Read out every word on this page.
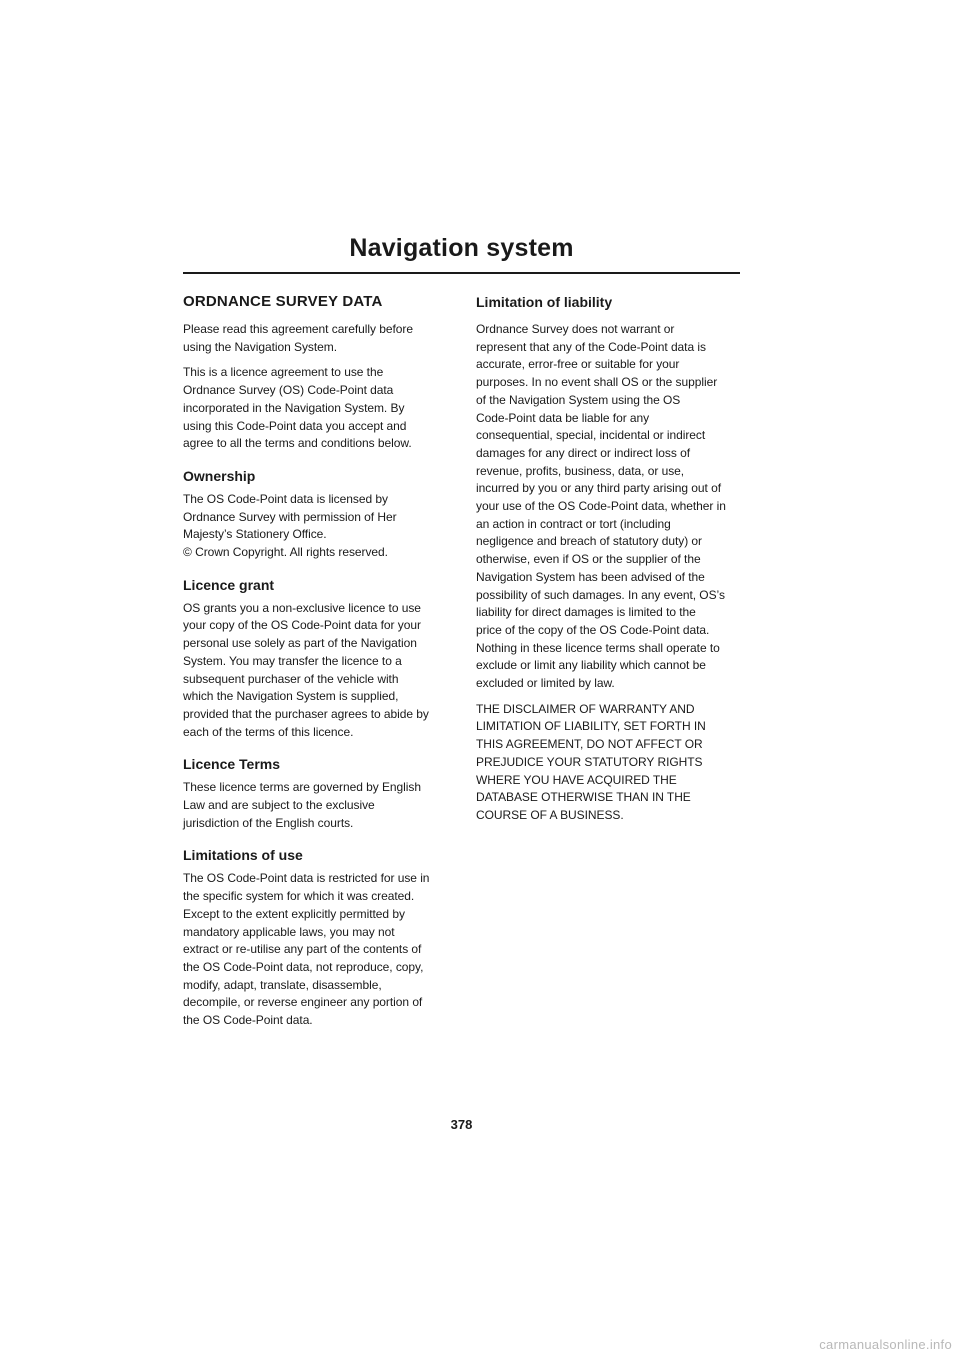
Navigation system
ORDNANCE SURVEY DATA

Please read this agreement carefully before
using the Navigation System.

This is a licence agreement to use the
Ordnance Survey (OS) Code-Point data
incorporated in the Navigation System. By
using this Code-Point data you accept and
agree to all the terms and conditions below.

Ownership

The OS Code-Point data is licensed by
Ordnance Survey with permission of Her
Majesty’s Stationery Office.
© Crown Copyright. All rights reserved.

Licence grant

OS grants you a non-exclusive licence to use
your copy of the OS Code-Point data for your
personal use solely as part of the Navigation
System. You may transfer the licence to a
subsequent purchaser of the vehicle with
which the Navigation System is supplied,
provided that the purchaser agrees to abide by
each of the terms of this licence.

Licence Terms

These licence terms are governed by English
Law and are subject to the exclusive
jurisdiction of the English courts.

Limitations of use

The OS Code-Point data is restricted for use in
the specific system for which it was created.
Except to the extent explicitly permitted by
mandatory applicable laws, you may not
extract or re-utilise any part of the contents of
the OS Code-Point data, not reproduce, copy,
modify, adapt, translate, disassemble,
decompile, or reverse engineer any portion of
the OS Code-Point data.

Limitation of liability

Ordnance Survey does not warrant or
represent that any of the Code-Point data is
accurate, error-free or suitable for your
purposes. In no event shall OS or the supplier
of the Navigation System using the OS
Code-Point data be liable for any
consequential, special, incidental or indirect
damages for any direct or indirect loss of
revenue, profits, business, data, or use,
incurred by you or any third party arising out of
your use of the OS Code-Point data, whether in
an action in contract or tort (including
negligence and breach of statutory duty) or
otherwise, even if OS or the supplier of the
Navigation System has been advised of the
possibility of such damages. In any event, OS’s
liability for direct damages is limited to the
price of the copy of the OS Code-Point data.
Nothing in these licence terms shall operate to
exclude or limit any liability which cannot be
excluded or limited by law.

THE DISCLAIMER OF WARRANTY AND
LIMITATION OF LIABILITY, SET FORTH IN
THIS AGREEMENT, DO NOT AFFECT OR
PREJUDICE YOUR STATUTORY RIGHTS
WHERE YOU HAVE ACQUIRED THE
DATABASE OTHERWISE THAN IN THE
COURSE OF A BUSINESS.

378
carmanualsonline.info
